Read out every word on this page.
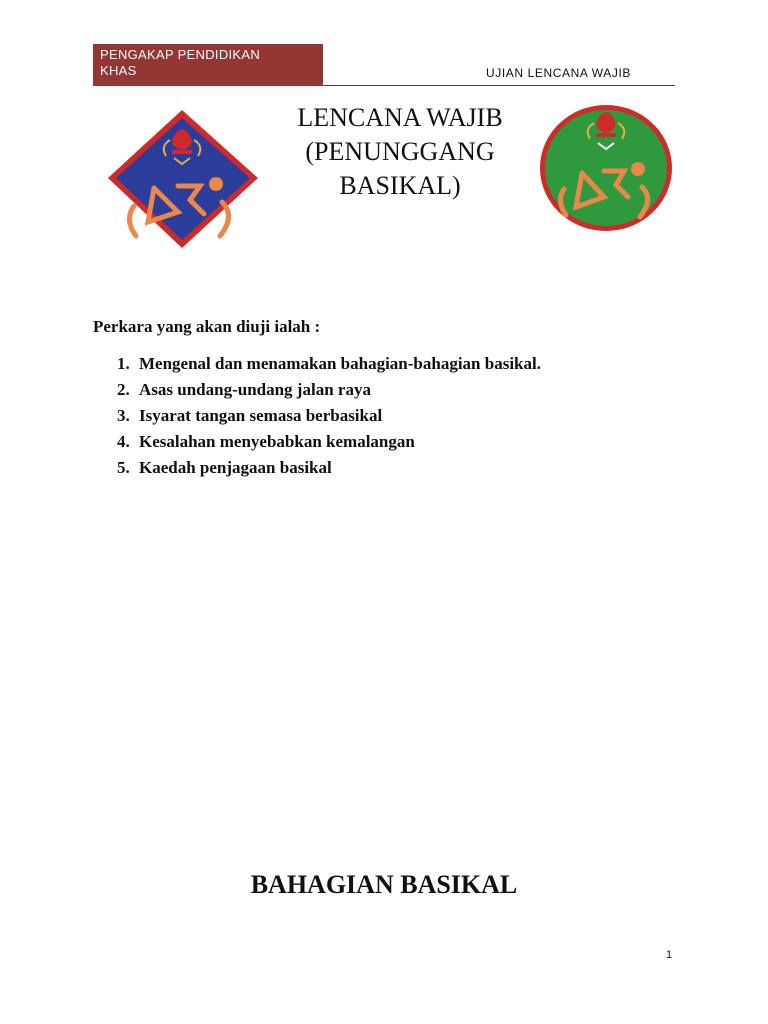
PENGAKAP PENDIDIKAN
KHAS	UJIAN LENCANA WAJIB
LENCANA WAJIB
(PENUNGGANG
BASIKAL)
Perkara yang akan diuji ialah :
1. Mengenal dan menamakan bahagian-bahagian basikal.
2. Asas undang-undang jalan raya
3. Isyarat tangan semasa berbasikal
4. Kesalahan menyebabkan kemalangan
5. Kaedah penjagaan basikal
BAHAGIAN BASIKAL
1
